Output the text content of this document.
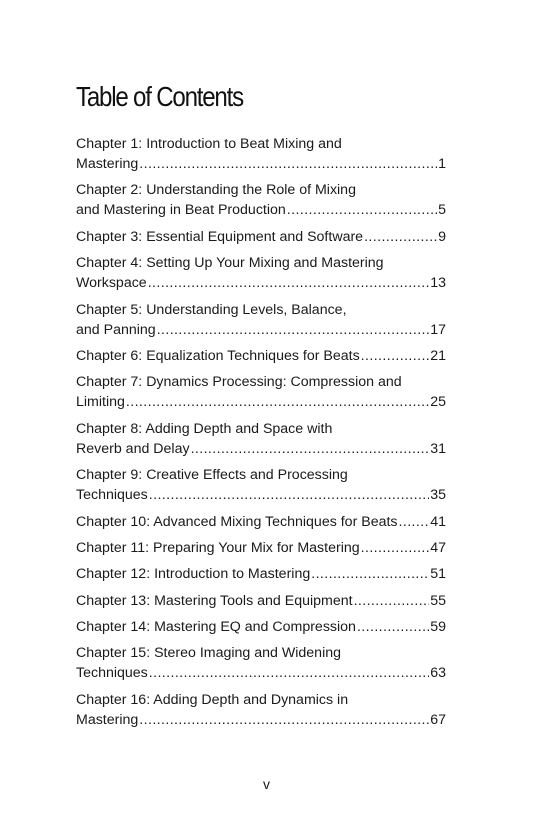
Table of Contents
Chapter 1: Introduction to Beat Mixing and
Mastering .....	1
Chapter 2: Understanding the Role of Mixing
and Mastering in Beat Production .....	5
Chapter 3: Essential Equipment and Software .....	9
Chapter 4: Setting Up Your Mixing and Mastering
Workspace .....	13
Chapter 5: Understanding Levels, Balance,
and Panning .....	17
Chapter 6: Equalization Techniques for Beats .....	21
Chapter 7: Dynamics Processing: Compression and
Limiting .....	25
Chapter 8: Adding Depth and Space with
Reverb and Delay .....	31
Chapter 9: Creative Effects and Processing
Techniques .....	35
Chapter 10: Advanced Mixing Techniques for Beats ..... 41
Chapter 11: Preparing Your Mix for Mastering .....	47
Chapter 12: Introduction to Mastering .....	51
Chapter 13: Mastering Tools and Equipment .....	55
Chapter 14: Mastering EQ and Compression .....	59
Chapter 15: Stereo Imaging and Widening
Techniques .....	63
Chapter 16: Adding Depth and Dynamics in
Mastering .....	67
v
